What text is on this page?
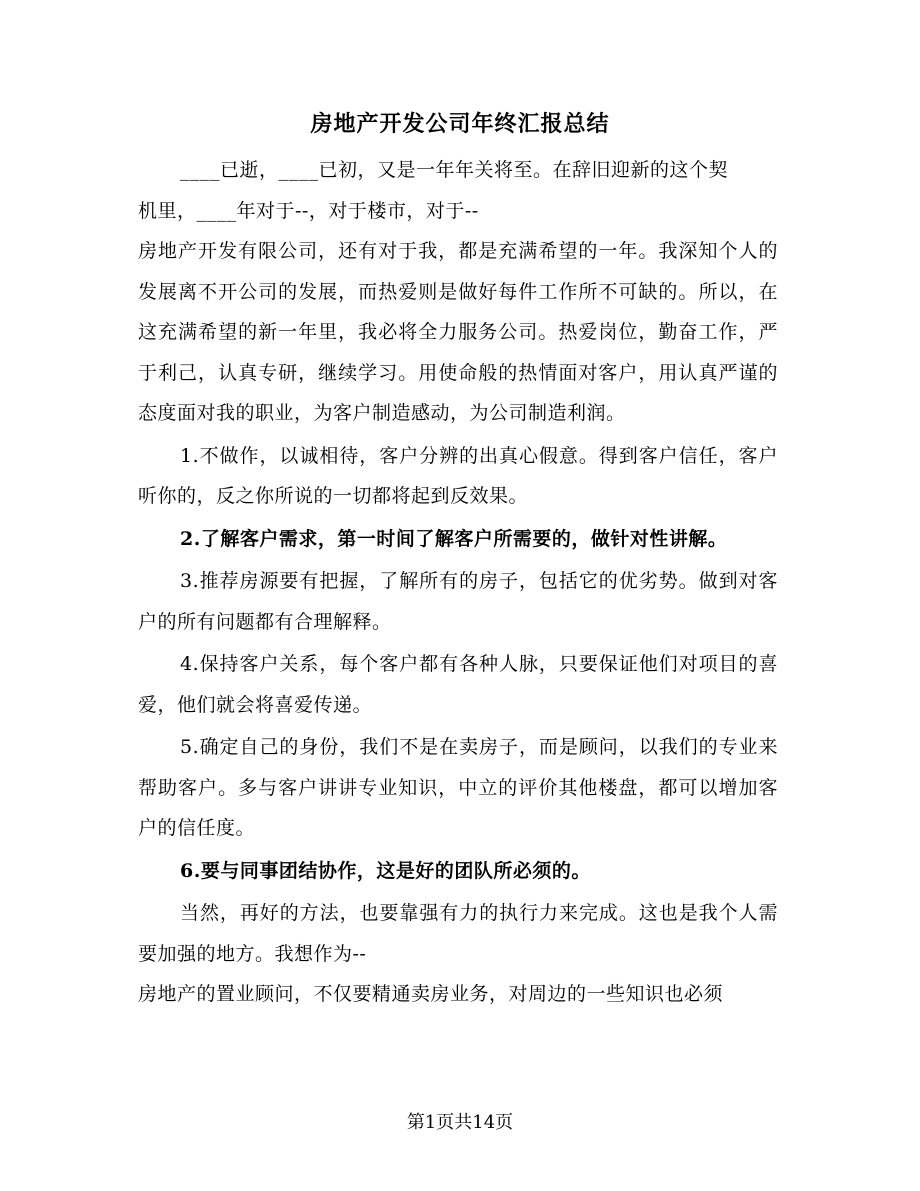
房地产开发公司年终汇报总结

____已逝，____已初，又是一年年关将至。在辞旧迎新的这个契

机里，____年对于--，对于楼市，对于--

房地产开发有限公司，还有对于我，都是充满希望的一年。我深知个人的发展离不开公司的发展，而热爱则是做好每件工作所不可缺的。所以，在这充满希望的新一年里，我必将全力服务公司。热爱岗位，勤奋工作，严于利己，认真专研，继续学习。用使命般的热情面对客户，用认真严谨的态度面对我的职业，为客户制造感动，为公司制造利润。

1.不做作，以诚相待，客户分辨的出真心假意。得到客户信任，客户听你的，反之你所说的一切都将起到反效果。

2.了解客户需求，第一时间了解客户所需要的，做针对性讲解。

3.推荐房源要有把握，了解所有的房子，包括它的优劣势。做到对客户的所有问题都有合理解释。

4.保持客户关系，每个客户都有各种人脉，只要保证他们对项目的喜爱，他们就会将喜爱传递。

5.确定自己的身份，我们不是在卖房子，而是顾问，以我们的专业来帮助客户。多与客户讲讲专业知识，中立的评价其他楼盘，都可以增加客户的信任度。

6.要与同事团结协作，这是好的团队所必须的。

当然，再好的方法，也要靠强有力的执行力来完成。这也是我个人需要加强的地方。我想作为--

房地产的置业顾问，不仅要精通卖房业务，对周边的一些知识也必须

第1页共14页
